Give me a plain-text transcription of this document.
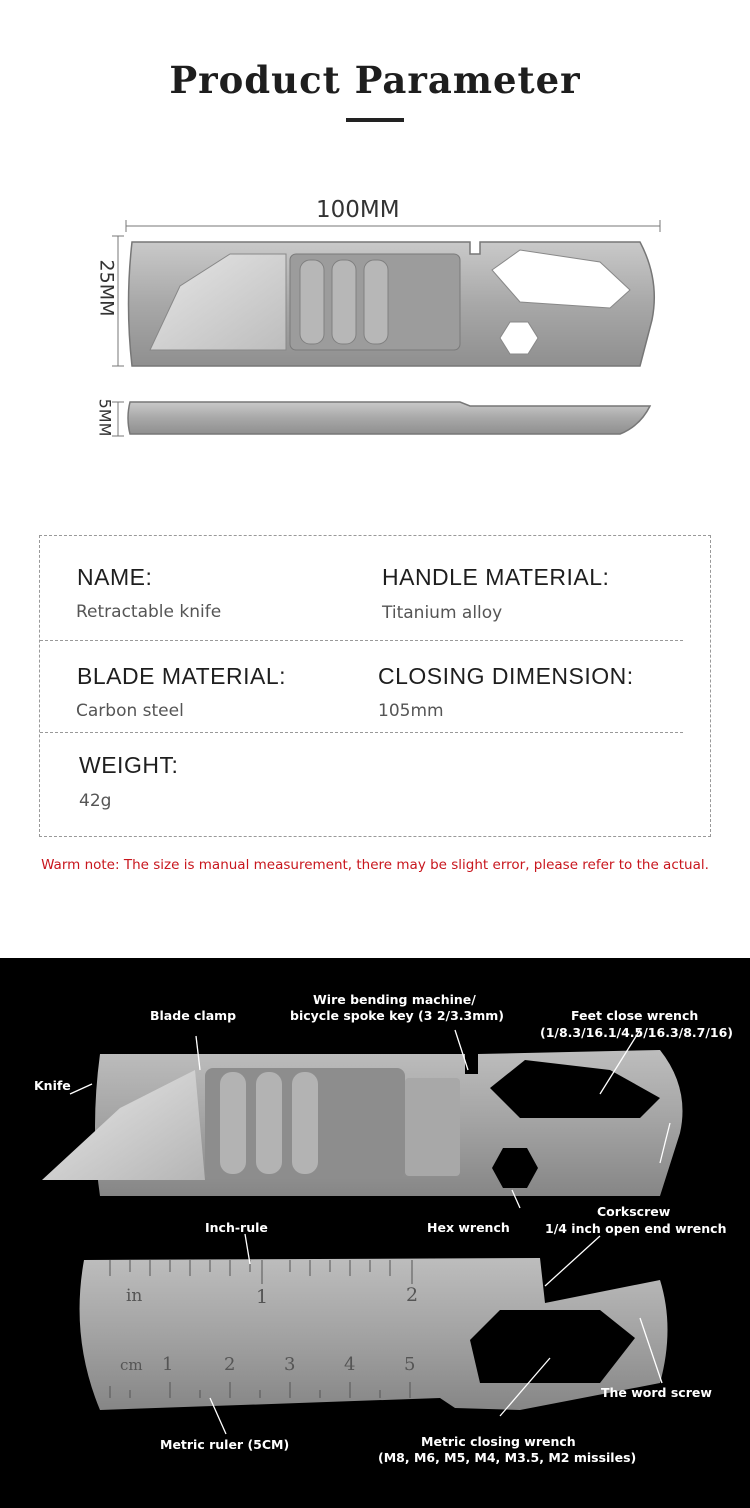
Product Parameter
100MM
25MM
5MM
NAME:
Retractable knife
HANDLE MATERIAL:
Titanium alloy
BLADE MATERIAL:
Carbon steel
CLOSING DIMENSION:
105mm
WEIGHT:
42g
Warm note: The size is manual measurement, there may be slight error, please refer to the actual.
Blade clamp
Wire bending machine/
bicycle spoke key (3 2/3.3mm)	Feet close wrench
(1/8.3/16.1/4.5/16.3/8.7/16)
Knife
Inch-rule	Hex wrench
Corkscrew
1/4 inch open end wrench
The word screw
Metric ruler (5CM)	Metric closing wrench
(M8, M6, M5, M4, M3.5, M2 missiles)
in	1	2
cm 1	2	3	4	5
